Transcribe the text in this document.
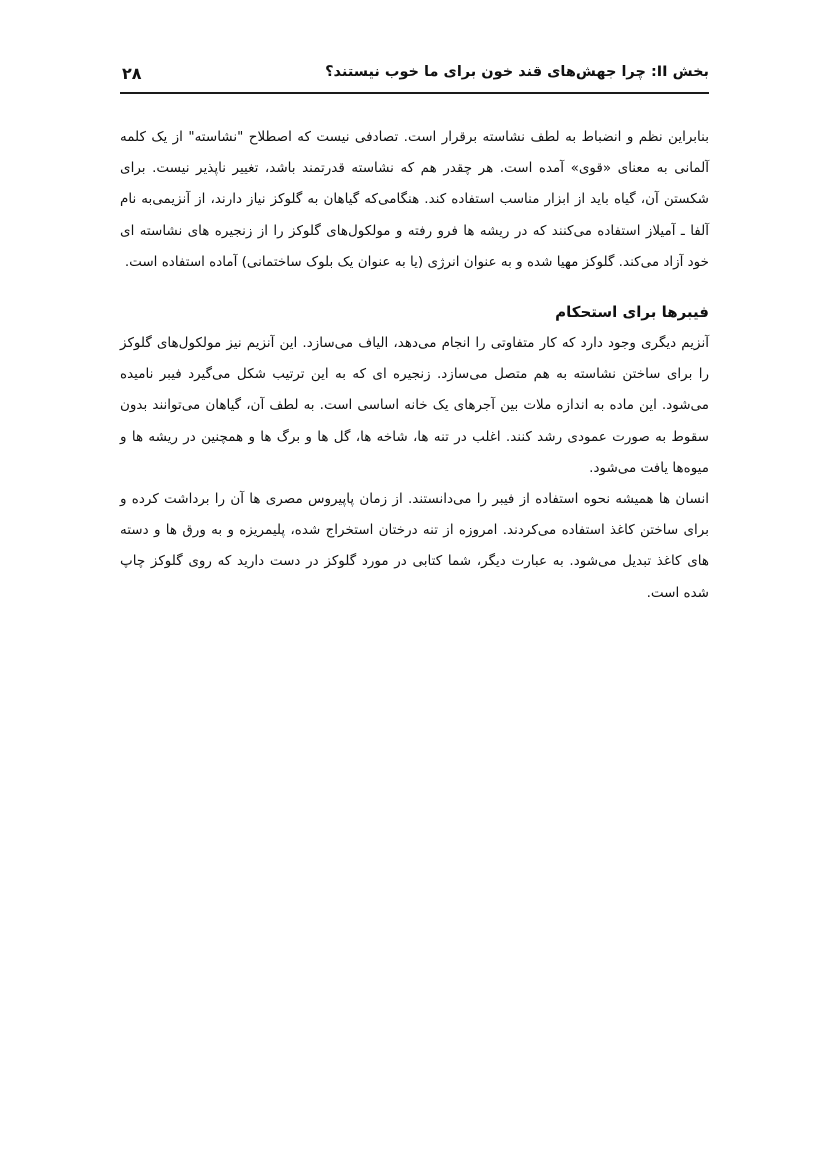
بخش II: چرا جهش‌های قند خون برای ما خوب نیستند؟
۲۸

بنابراین نظم و انضباط به لطف نشاسته برقرار است. تصادفی نیست که اصطلاح "نشاسته" از یک کلمه آلمانی به معنای «قوی» آمده است. هر چقدر هم که نشاسته قدرتمند باشد، تغییر ناپذیر نیست. برای شکستن آن، گیاه باید از ابزار مناسب استفاده کند. هنگامی‌که گیاهان به گلوکز نیاز دارند، از آنزیمی‌به نام آلفا ـ آمیلاز استفاده می‌کنند که در ریشه ها فرو رفته و مولکول‌های گلوکز را از زنجیره های نشاسته ای خود آزاد می‌کند. گلوکز مهیا شده و به عنوان انرژی (یا به عنوان یک بلوک ساختمانی) آماده استفاده است.

فیبرها برای استحکام

آنزیم دیگری وجود دارد که کار متفاوتی را انجام می‌دهد، الیاف می‌سازد. این آنزیم نیز مولکول‌های گلوکز را برای ساختن نشاسته به هم متصل می‌سازد. زنجیره ای که به این ترتیب شکل می‌گیرد فیبر نامیده می‌شود. این ماده به اندازه ملات بین آجرهای یک خانه اساسی است. به لطف آن، گیاهان می‌توانند بدون سقوط به صورت عمودی رشد کنند. اغلب در تنه ها، شاخه ها، گل ها و برگ ها و همچنین در ریشه ها و میوه‌ها یافت می‌شود.

انسان ها همیشه نحوه استفاده از فیبر را می‌دانستند. از زمان پاپیروس مصری ها آن را برداشت کرده و برای ساختن کاغذ استفاده می‌کردند. امروزه از تنه درختان استخراج شده، پلیمریزه و به ورق ها و دسته های کاغذ تبدیل می‌شود. به عبارت دیگر، شما کتابی در مورد گلوکز در دست دارید که روی گلوکز چاپ شده است.
